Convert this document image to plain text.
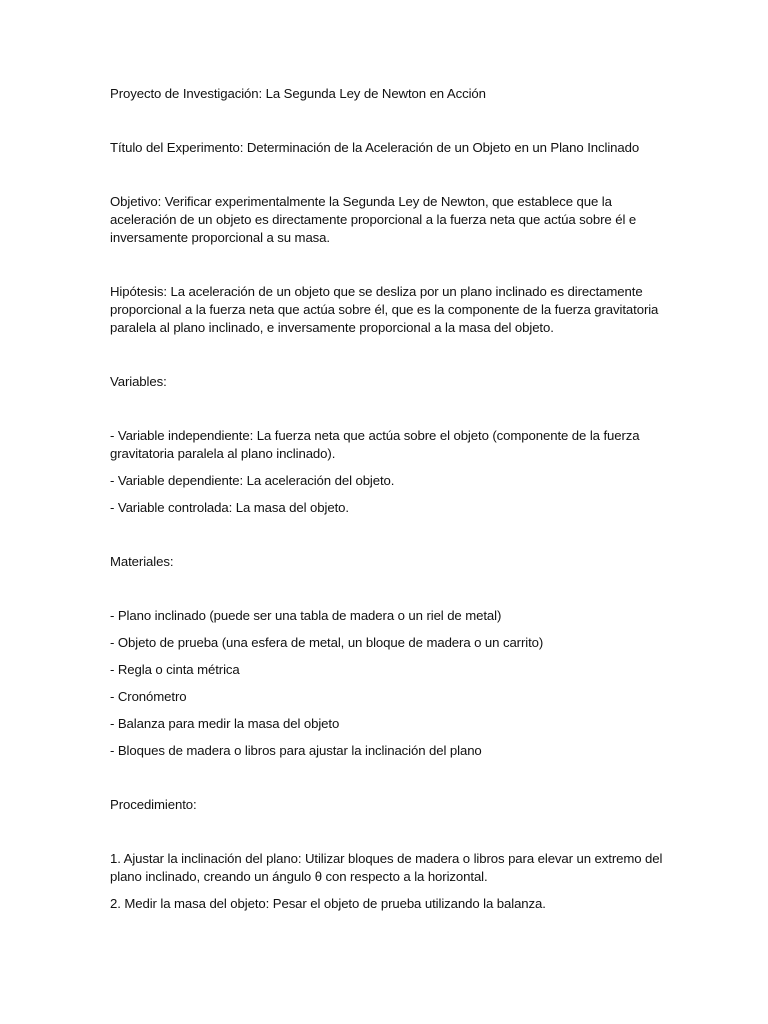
Proyecto de Investigación: La Segunda Ley de Newton en Acción

Título del Experimento: Determinación de la Aceleración de un Objeto en un Plano Inclinado

Objetivo: Verificar experimentalmente la Segunda Ley de Newton, que establece que la aceleración de un objeto es directamente proporcional a la fuerza neta que actúa sobre él e inversamente proporcional a su masa.

Hipótesis: La aceleración de un objeto que se desliza por un plano inclinado es directamente proporcional a la fuerza neta que actúa sobre él, que es la componente de la fuerza gravitatoria paralela al plano inclinado, e inversamente proporcional a la masa del objeto.

Variables:

- Variable independiente: La fuerza neta que actúa sobre el objeto (componente de la fuerza gravitatoria paralela al plano inclinado).

- Variable dependiente: La aceleración del objeto.

- Variable controlada: La masa del objeto.

Materiales:

- Plano inclinado (puede ser una tabla de madera o un riel de metal)

- Objeto de prueba (una esfera de metal, un bloque de madera o un carrito)

- Regla o cinta métrica

- Cronómetro

- Balanza para medir la masa del objeto

- Bloques de madera o libros para ajustar la inclinación del plano

Procedimiento:

1. Ajustar la inclinación del plano: Utilizar bloques de madera o libros para elevar un extremo del plano inclinado, creando un ángulo θ con respecto a la horizontal.

2. Medir la masa del objeto: Pesar el objeto de prueba utilizando la balanza.
